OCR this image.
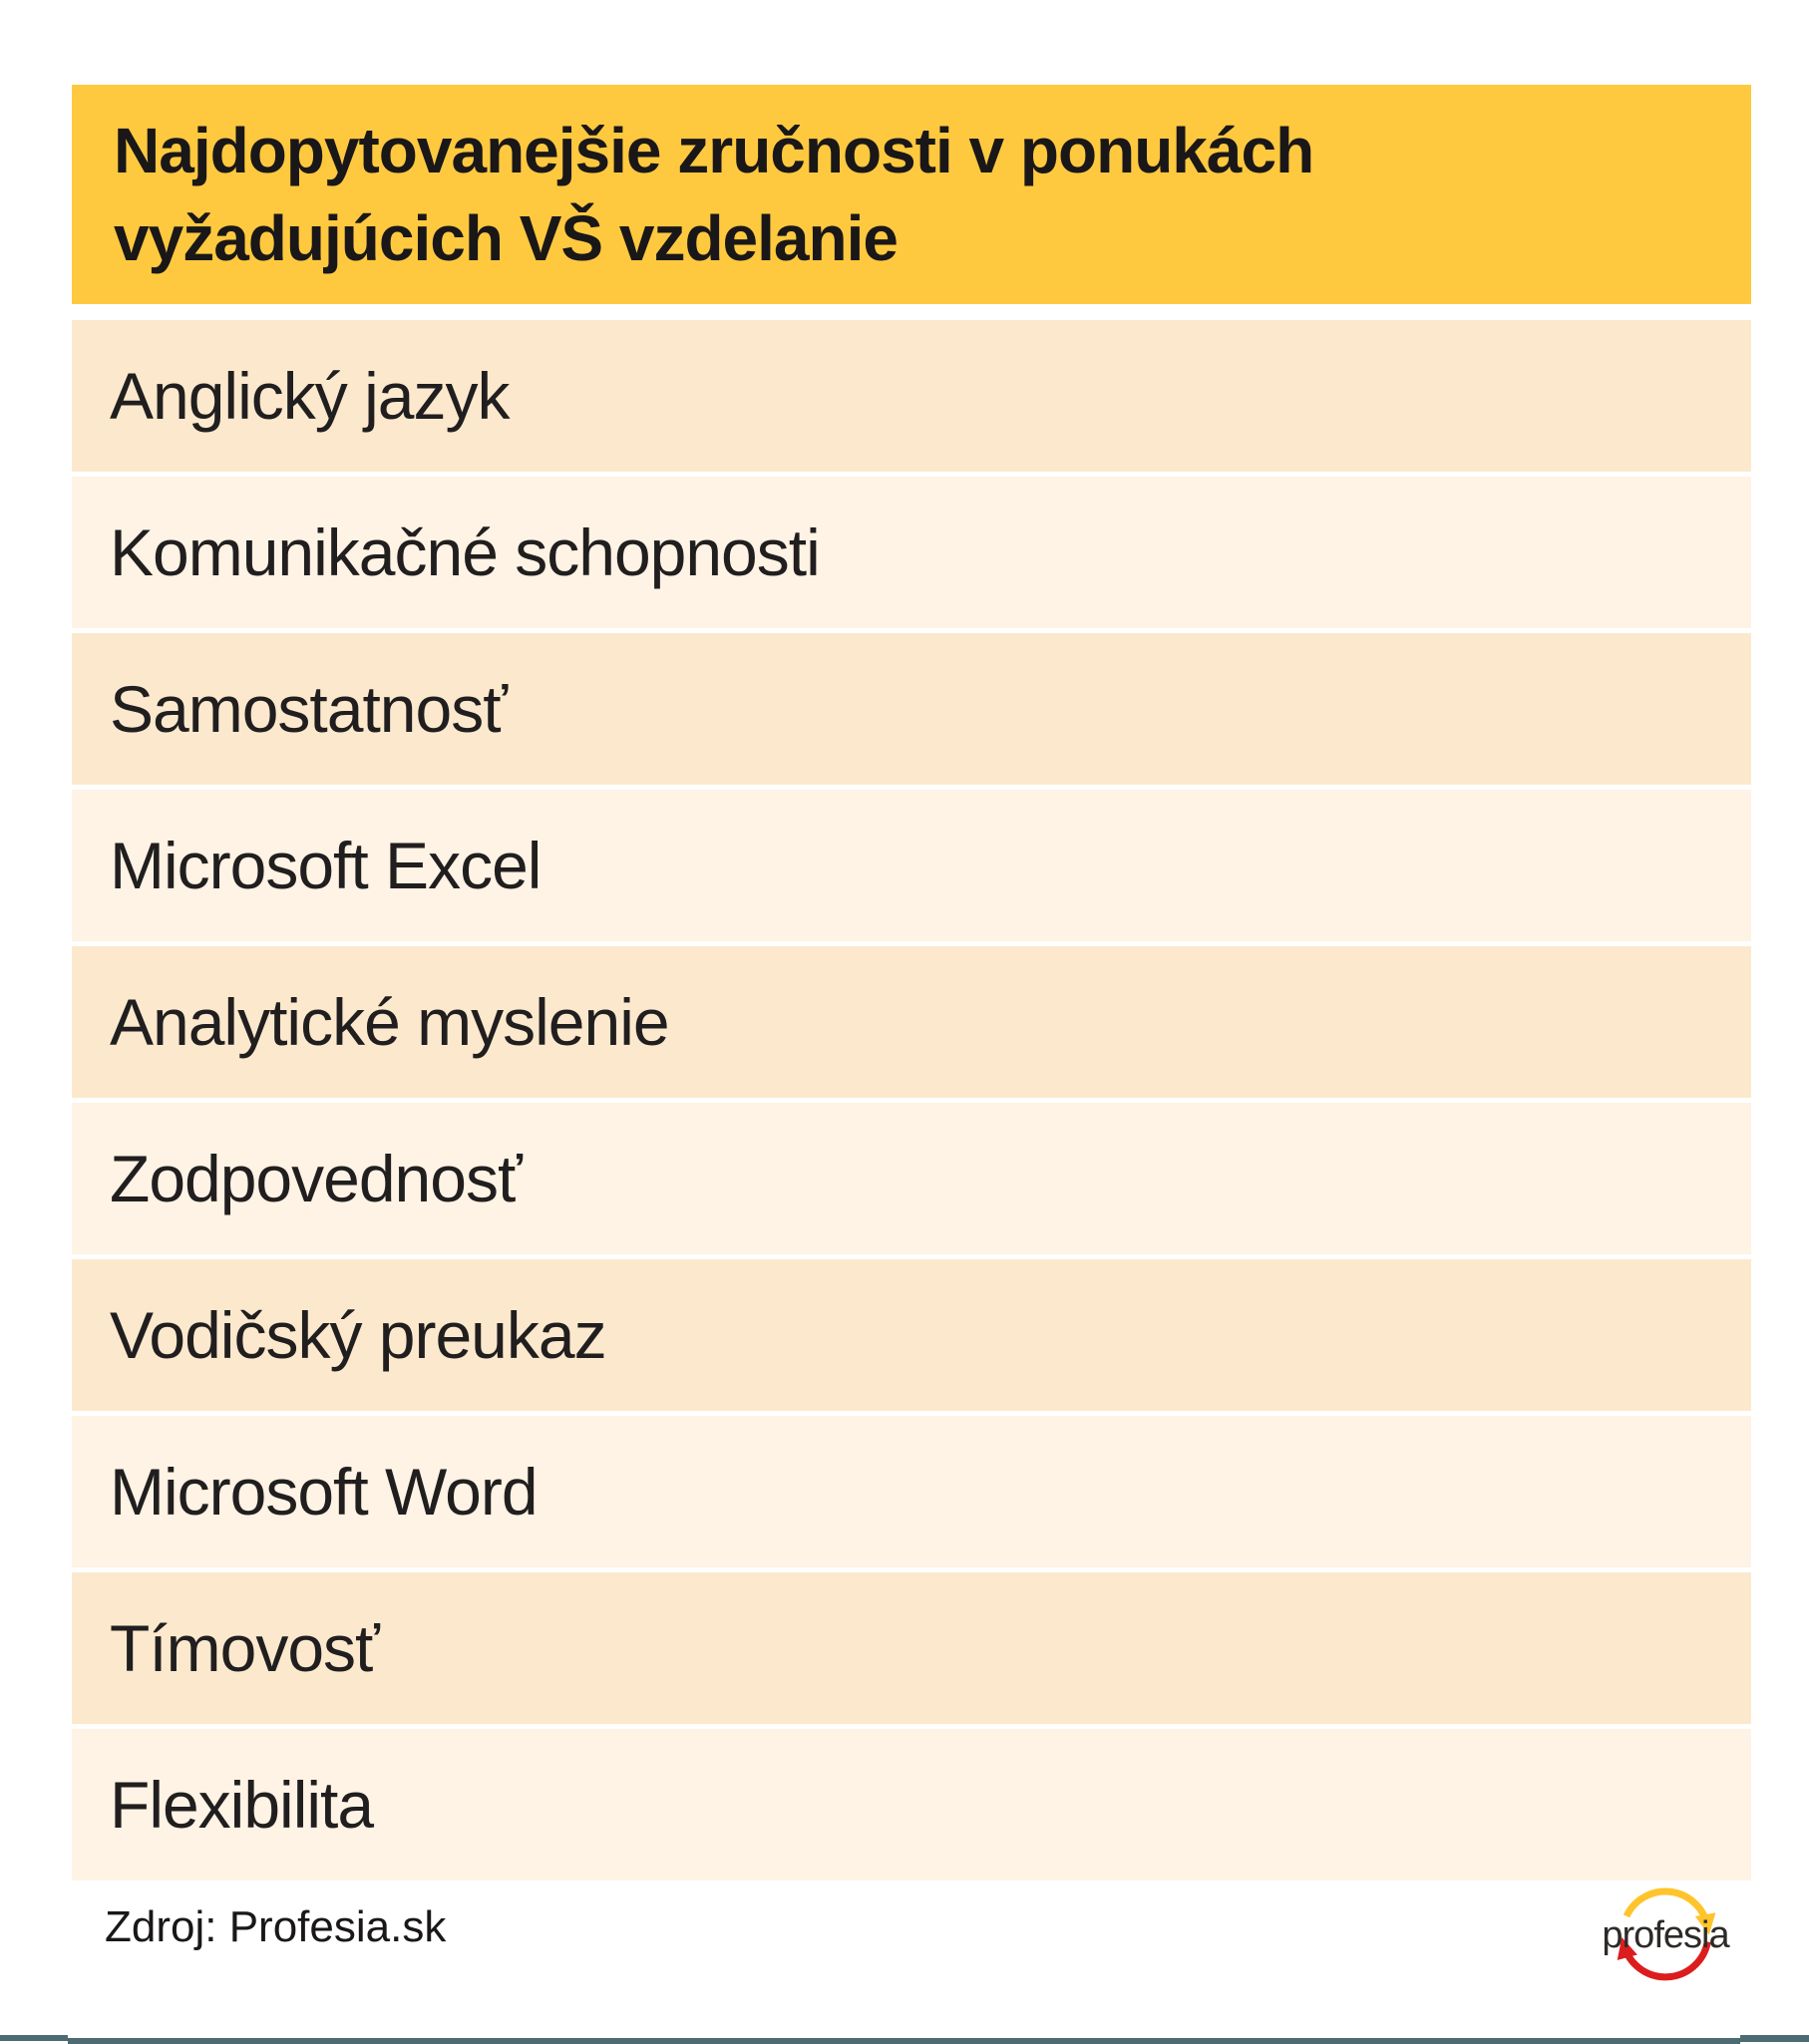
Najdopytovanejšie zručnosti v ponukách
vyžadujúcich VŠ vzdelanie
Anglický jazyk
Komunikačné schopnosti
Samostatnosť
Microsoft Excel
Analytické myslenie
Zodpovednosť
Vodičský preukaz
Microsoft Word
Tímovosť
Flexibilita
Zdroj: Profesia.sk	profesia
